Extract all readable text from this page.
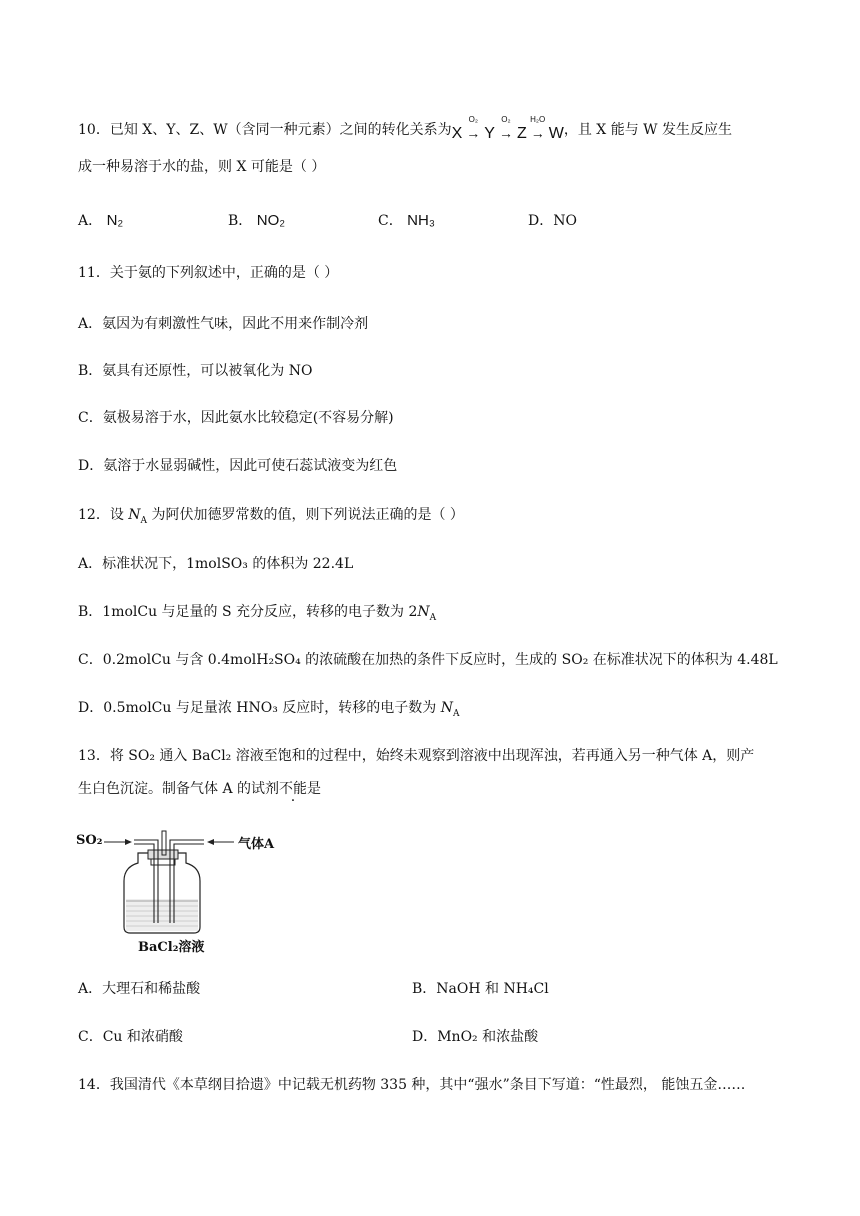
10．已知 X、Y、Z、W（含同一种元素）之间的转化关系为X
O₂
→ Y
O₂
→ Z
H₂O
→ W，且 X 能与 W 发生反应生
成一种易溶于水的盐，则 X 可能是（ ）
A． N₂	B． NO₂	C． NH₃	D．NO
11．关于氨的下列叙述中，正确的是（ ）
A．氨因为有刺激性气味，因此不用来作制冷剂
B．氨具有还原性，可以被氧化为 NO
C．氨极易溶于水，因此氨水比较稳定(不容易分解)
D．氨溶于水显弱碱性，因此可使石蕊试液变为红色
12．设 $N_A$ 为阿伏加德罗常数的值，则下列说法正确的是（ ）
A．标准状况下，1molSO₃ 的体积为 22.4L
B．1molCu 与足量的 S 充分反应，转移的电子数为 $2N_A$
C．0.2molCu 与含 0.4molH₂SO₄ 的浓硫酸在加热的条件下反应时，生成的 SO₂ 在标准状况下的体积为 4.48L
D．0.5molCu 与足量浓 HNO₃ 反应时，转移的电子数为 $N_A$
13．将 SO₂ 通入 BaCl₂ 溶液至饱和的过程中，始终未观察到溶液中出现浑浊，若再通入另一种气体 A，则产
生白色沉淀。制备气体 A 的试剂不能是
SO₂	气体A
BaCl₂溶液
A．大理石和稀盐酸	B．NaOH 和 NH₄Cl
C．Cu 和浓硝酸	D．MnO₂ 和浓盐酸
14．我国清代《本草纲目拾遗》中记载无机药物 335 种，其中“强水”条目下写道：“性最烈， 能蚀五金……
